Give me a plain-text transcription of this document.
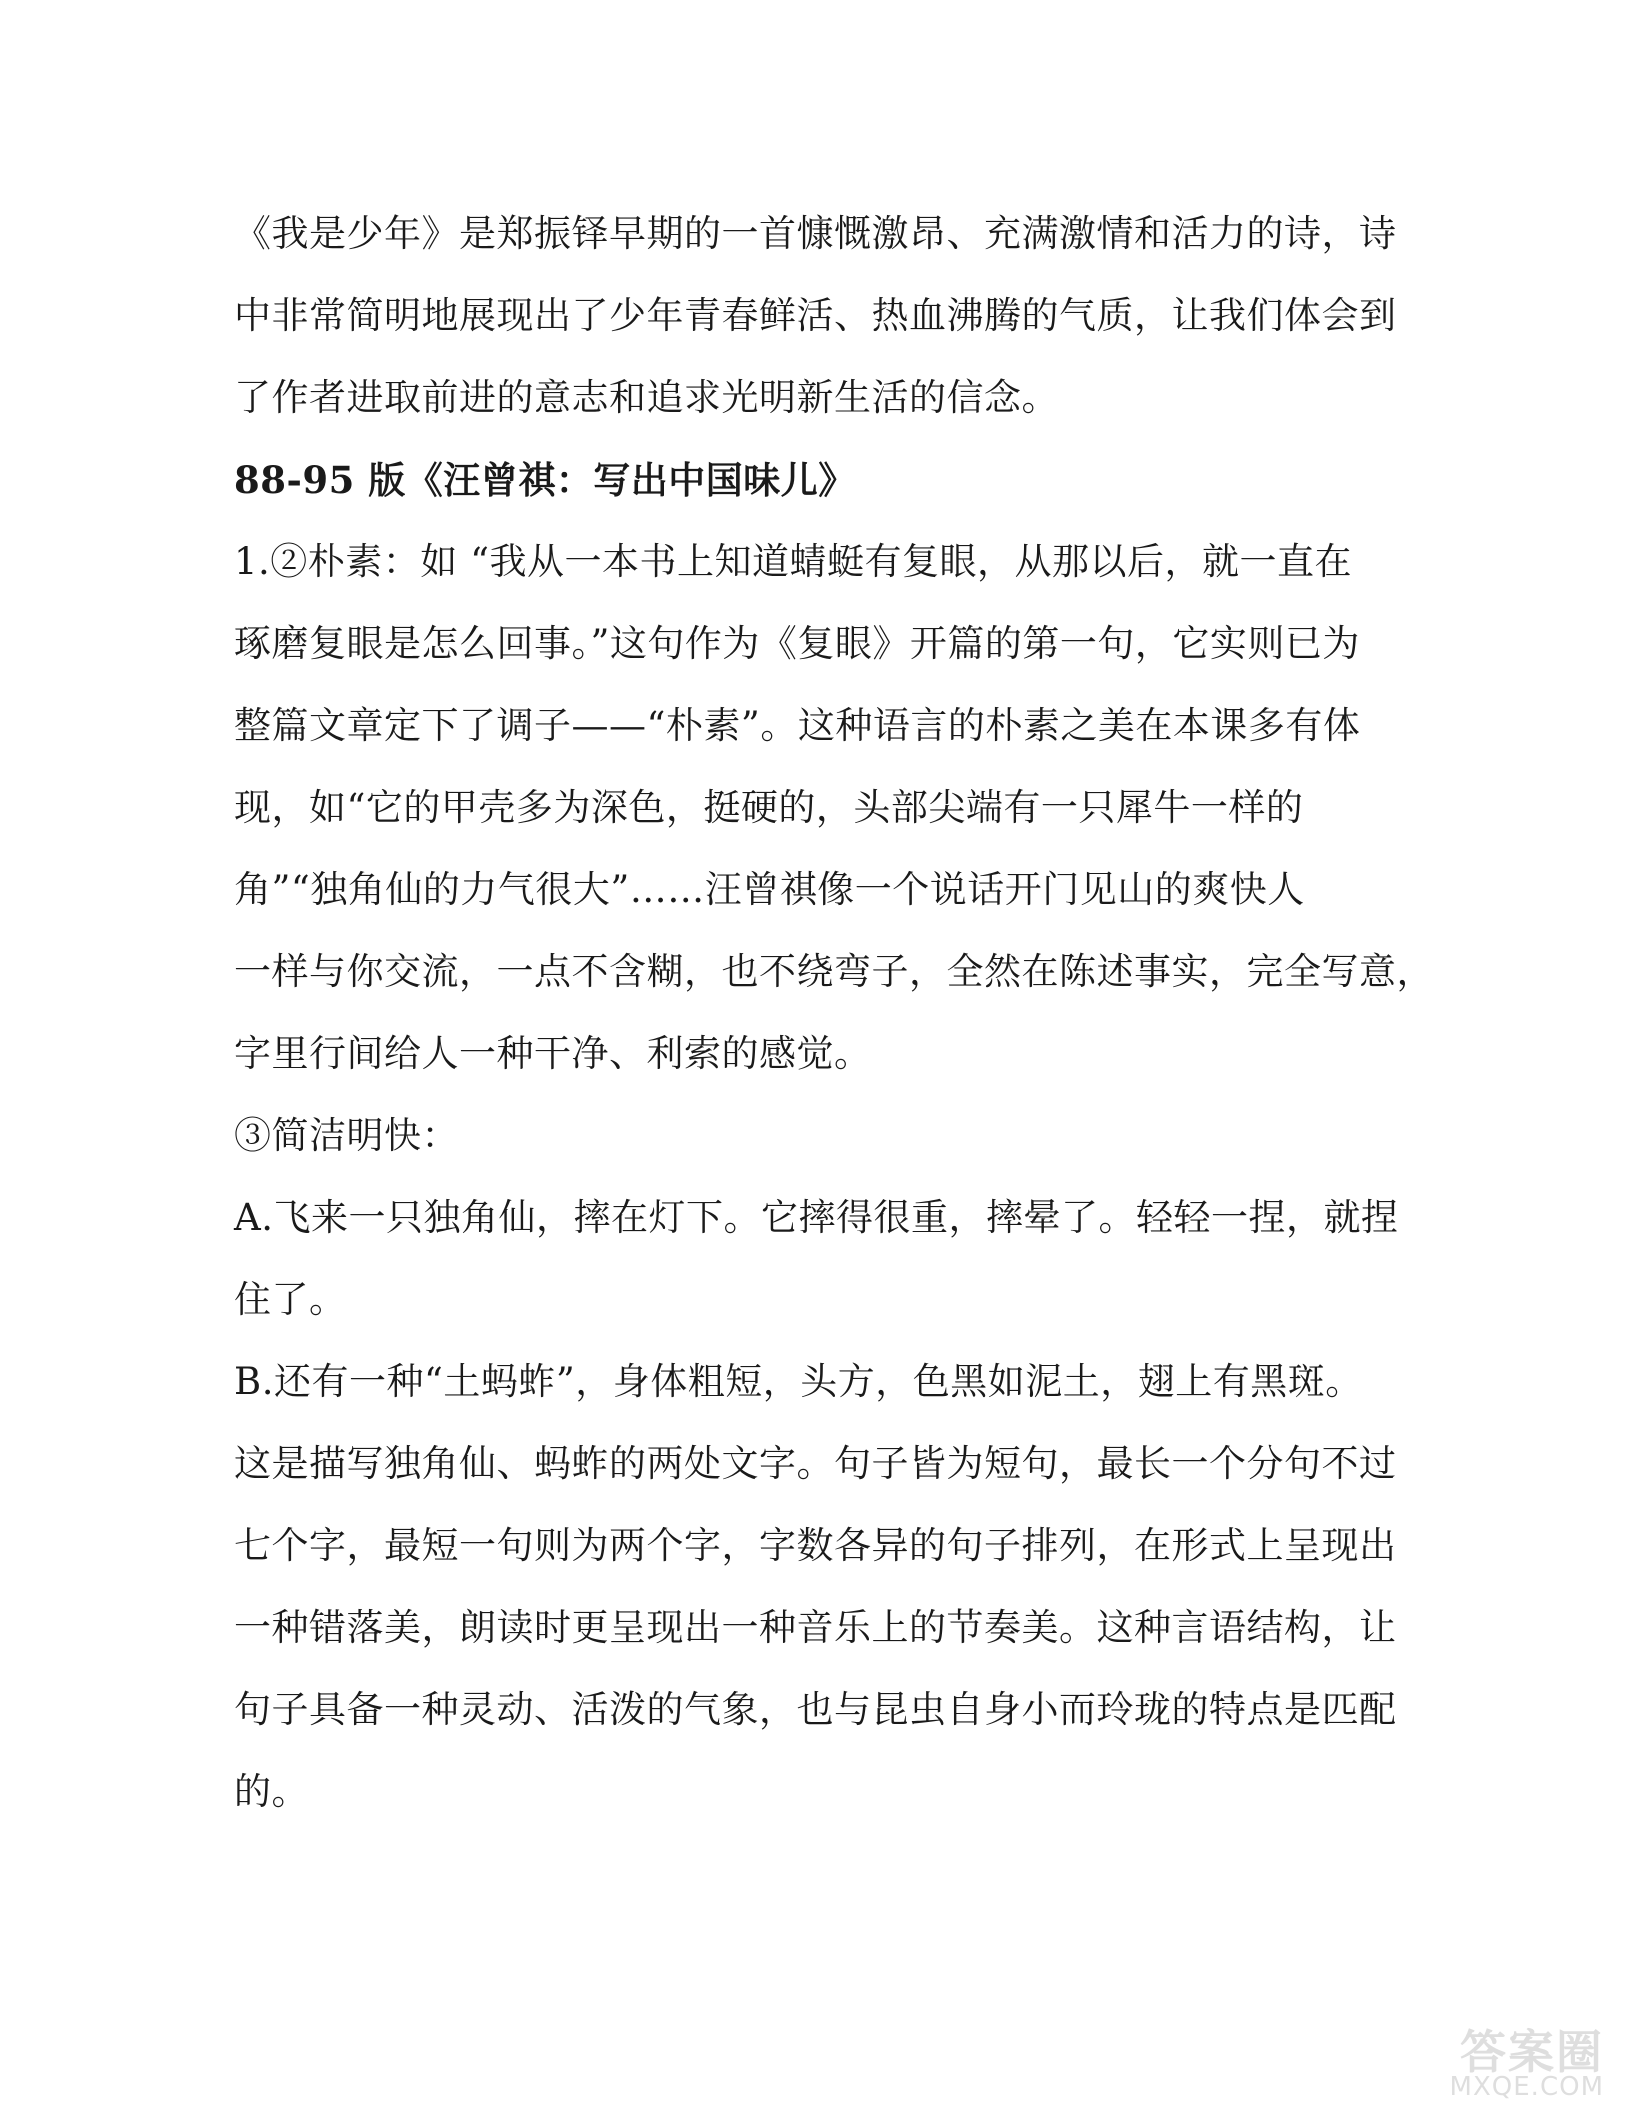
《我是少年》是郑振铎早期的一首慷慨激昂、充满激情和活力的诗，诗
中非常简明地展现出了少年青春鲜活、热血沸腾的气质，让我们体会到
了作者进取前进的意志和追求光明新生活的信念。
88-95 版《汪曾祺：写出中国味儿》
1.②朴素：如 “我从一本书上知道蜻蜓有复眼，从那以后，就一直在
琢磨复眼是怎么回事。”这句作为《复眼》开篇的第一句，它实则已为
整篇文章定下了调子——“朴素”。这种语言的朴素之美在本课多有体
现，如“它的甲壳多为深色，挺硬的，头部尖端有一只犀牛一样的
角”“独角仙的力气很大”……汪曾祺像一个说话开门见山的爽快人
一样与你交流，一点不含糊，也不绕弯子，全然在陈述事实，完全写意，
字里行间给人一种干净、利索的感觉。
③简洁明快：
A.飞来一只独角仙，摔在灯下。它摔得很重，摔晕了。轻轻一捏，就捏
住了。
B.还有一种“土蚂蚱”，身体粗短，头方，色黑如泥土，翅上有黑斑。
这是描写独角仙、蚂蚱的两处文字。句子皆为短句，最长一个分句不过
七个字，最短一句则为两个字，字数各异的句子排列，在形式上呈现出
一种错落美，朗读时更呈现出一种音乐上的节奏美。这种言语结构，让
句子具备一种灵动、活泼的气象，也与昆虫自身小而玲珑的特点是匹配
的。
答案圈
MXQE.COM
